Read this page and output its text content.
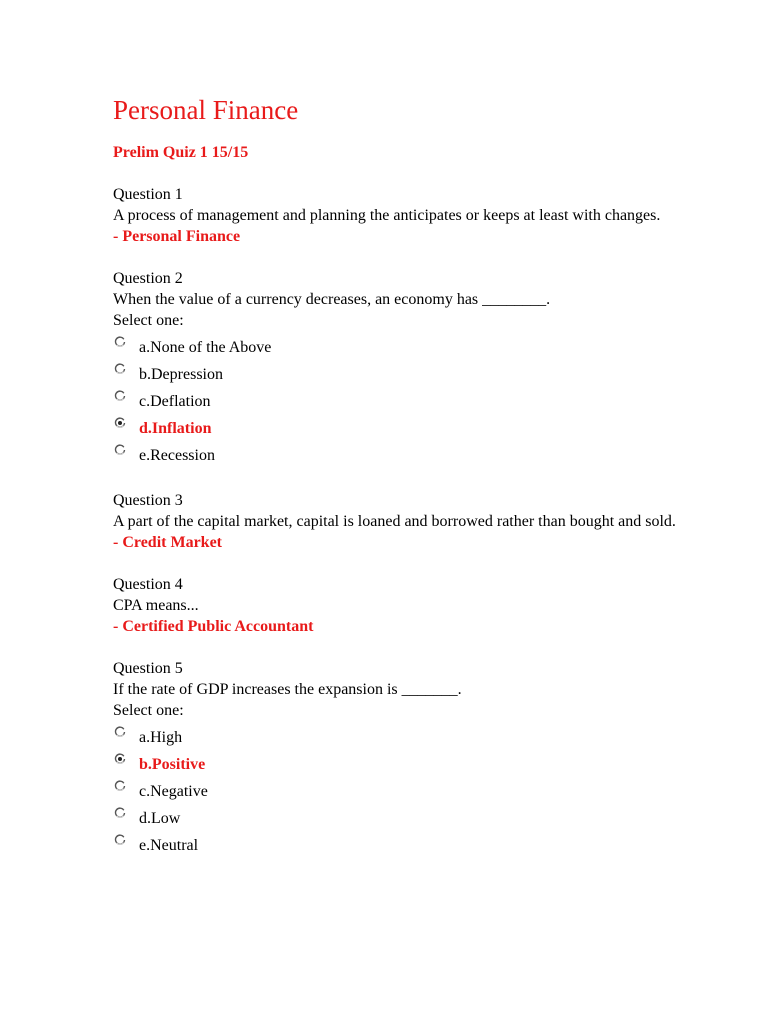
Personal Finance
Prelim Quiz 1 15/15

Question 1

A process of management and planning the anticipates or keeps at least with changes.

- Personal Finance

Question 2

When the value of a currency decreases, an economy has ________.

Select one:

a.None of the Above
b.Depression
c.Deflation
d.Inflation
e.Recession

Question 3

A part of the capital market, capital is loaned and borrowed rather than bought and sold.

- Credit Market

Question 4

CPA means...

- Certified Public Accountant

Question 5

If the rate of GDP increases the expansion is _______.

Select one:

a.High
b.Positive
c.Negative
d.Low
e.Neutral
